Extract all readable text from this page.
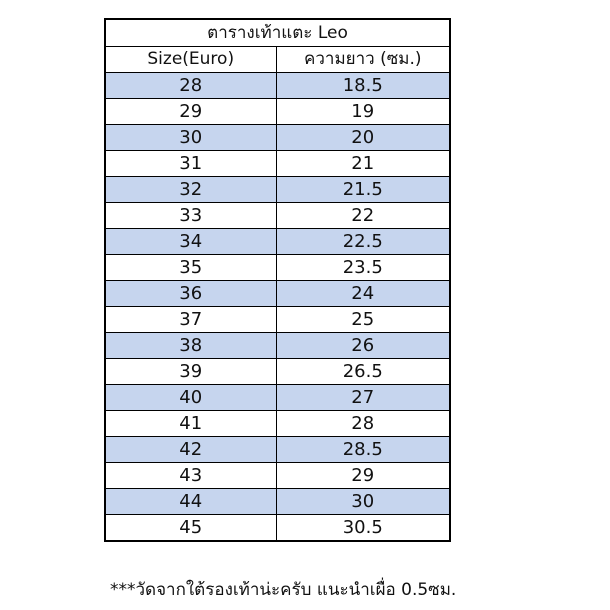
ตารางเท้าแตะ Leo	
Size(Euro)	ความยาว (ซม.)
28	18.5
29	19
30	20
31	21
32	21.5
33	22
34	22.5
35	23.5
36	24
37	25
38	26
39	26.5
40	27
41	28
42	28.5
43	29
44	30
45	30.5
***วัดจากใต้รองเท้าน่ะครับ แนะนำเผื่อ 0.5ซม.
